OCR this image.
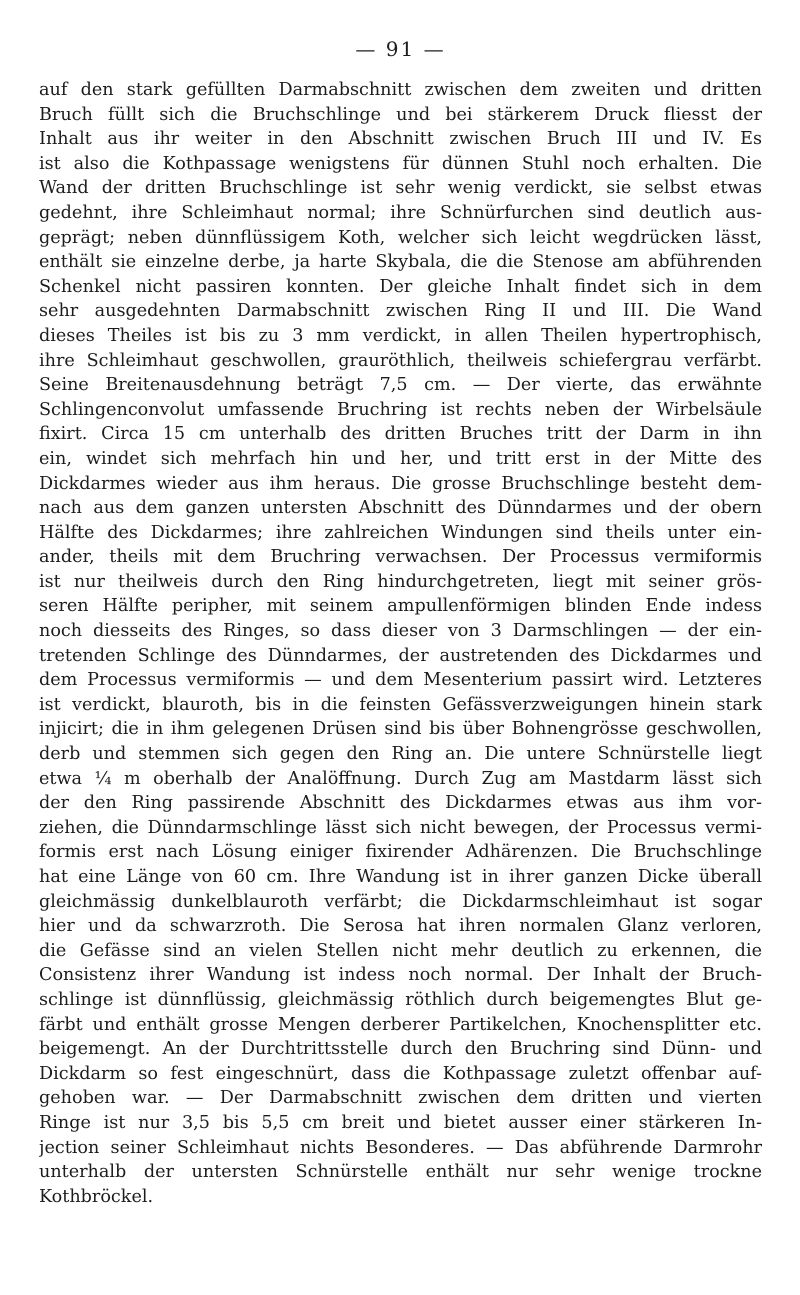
— 91 —
auf den stark gefüllten Darmabschnitt zwischen dem zweiten und dritten
Bruch füllt sich die Bruchschlinge und bei stärkerem Druck fliesst der
Inhalt aus ihr weiter in den Abschnitt zwischen Bruch III und IV. Es
ist also die Kothpassage wenigstens für dünnen Stuhl noch erhalten. Die
Wand der dritten Bruchschlinge ist sehr wenig verdickt, sie selbst etwas
gedehnt, ihre Schleimhaut normal; ihre Schnürfurchen sind deutlich aus-
geprägt; neben dünnflüssigem Koth, welcher sich leicht wegdrücken lässt,
enthält sie einzelne derbe, ja harte Skybala, die die Stenose am abführenden
Schenkel nicht passiren konnten. Der gleiche Inhalt findet sich in dem
sehr ausgedehnten Darmabschnitt zwischen Ring II und III. Die Wand
dieses Theiles ist bis zu 3 mm verdickt, in allen Theilen hypertrophisch,
ihre Schleimhaut geschwollen, grauröthlich, theilweis schiefergrau verfärbt.
Seine Breitenausdehnung beträgt 7,5 cm. — Der vierte, das erwähnte
Schlingenconvolut umfassende Bruchring ist rechts neben der Wirbelsäule
fixirt. Circa 15 cm unterhalb des dritten Bruches tritt der Darm in ihn
ein, windet sich mehrfach hin und her, und tritt erst in der Mitte des
Dickdarmes wieder aus ihm heraus. Die grosse Bruchschlinge besteht dem-
nach aus dem ganzen untersten Abschnitt des Dünndarmes und der obern
Hälfte des Dickdarmes; ihre zahlreichen Windungen sind theils unter ein-
ander, theils mit dem Bruchring verwachsen. Der Processus vermiformis
ist nur theilweis durch den Ring hindurchgetreten, liegt mit seiner grös-
seren Hälfte peripher, mit seinem ampullenförmigen blinden Ende indess
noch diesseits des Ringes, so dass dieser von 3 Darmschlingen — der ein-
tretenden Schlinge des Dünndarmes, der austretenden des Dickdarmes und
dem Processus vermiformis — und dem Mesenterium passirt wird. Letzteres
ist verdickt, blauroth, bis in die feinsten Gefässverzweigungen hinein stark
injicirt; die in ihm gelegenen Drüsen sind bis über Bohnengrösse geschwollen,
derb und stemmen sich gegen den Ring an. Die untere Schnürstelle liegt
etwa ¼ m oberhalb der Analöffnung. Durch Zug am Mastdarm lässt sich
der den Ring passirende Abschnitt des Dickdarmes etwas aus ihm vor-
ziehen, die Dünndarmschlinge lässt sich nicht bewegen, der Processus vermi-
formis erst nach Lösung einiger fixirender Adhärenzen. Die Bruchschlinge
hat eine Länge von 60 cm. Ihre Wandung ist in ihrer ganzen Dicke überall
gleichmässig dunkelblauroth verfärbt; die Dickdarmschleimhaut ist sogar
hier und da schwarzroth. Die Serosa hat ihren normalen Glanz verloren,
die Gefässe sind an vielen Stellen nicht mehr deutlich zu erkennen, die
Consistenz ihrer Wandung ist indess noch normal. Der Inhalt der Bruch-
schlinge ist dünnflüssig, gleichmässig röthlich durch beigemengtes Blut ge-
färbt und enthält grosse Mengen derberer Partikelchen, Knochensplitter etc.
beigemengt. An der Durchtrittsstelle durch den Bruchring sind Dünn- und
Dickdarm so fest eingeschnürt, dass die Kothpassage zuletzt offenbar auf-
gehoben war. — Der Darmabschnitt zwischen dem dritten und vierten
Ringe ist nur 3,5 bis 5,5 cm breit und bietet ausser einer stärkeren In-
jection seiner Schleimhaut nichts Besonderes. — Das abführende Darmrohr
unterhalb der untersten Schnürstelle enthält nur sehr wenige trockne
Kothbröckel.
